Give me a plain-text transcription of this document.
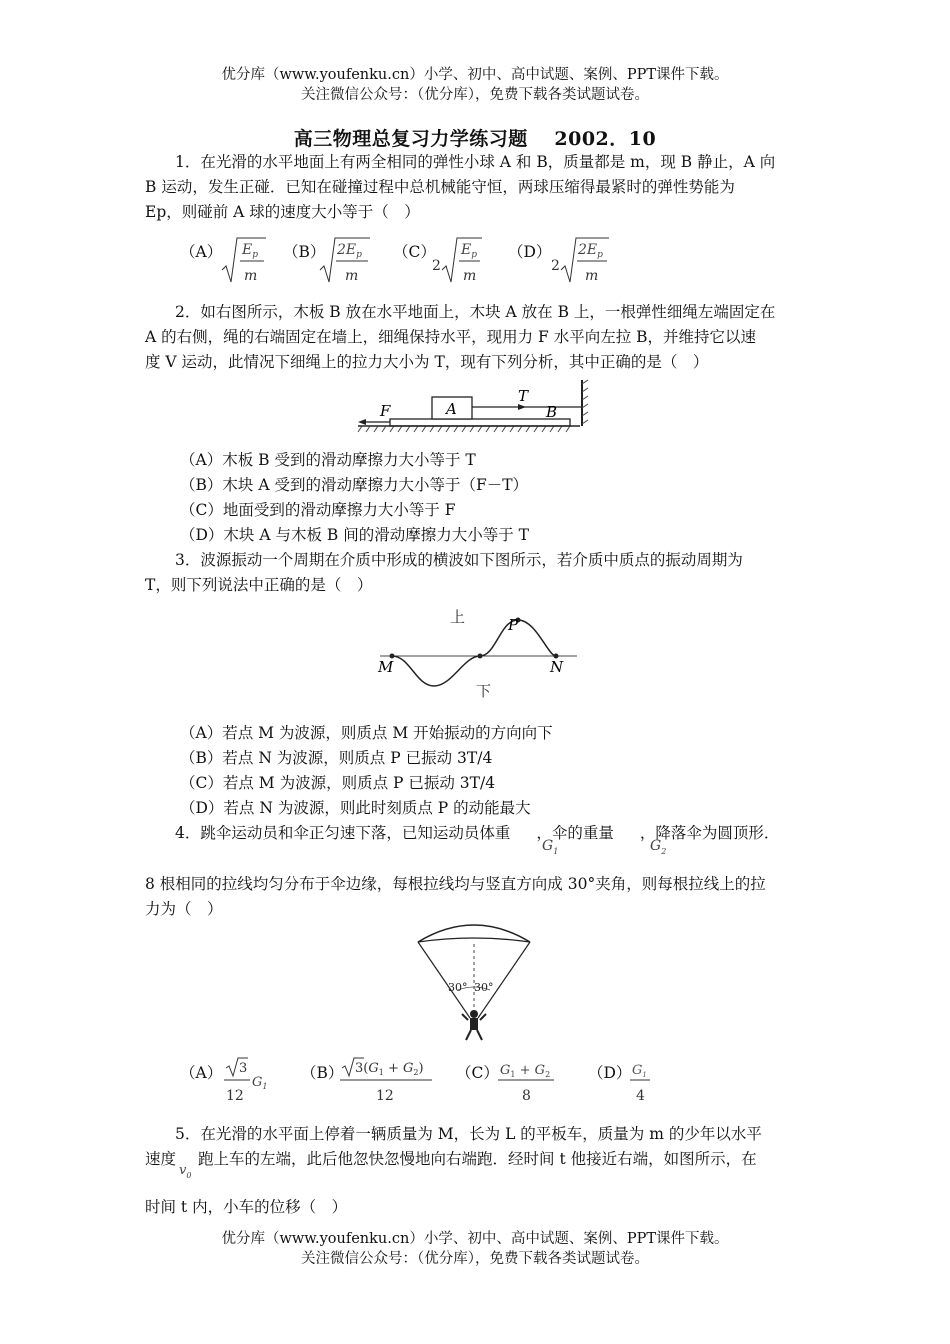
优分库（www.youfenku.cn）小学、初中、高中试题、案例、PPT课件下载。
关注微信公众号：（优分库），免费下载各类试题试卷。
高三物理总复习力学练习题　 2002．10
1．在光滑的水平地面上有两全相同的弹性小球 A 和 B，质量都是 m，现 B 静止，A 向
B 运动，发生正碰．已知在碰撞过程中总机械能守恒，两球压缩得最紧时的弹性势能为
Ep，则碰前 A 球的速度大小等于（　）
（A） $E_p$
m
（B） $2E_p$
m
（C）
2
$E_p$
m
（D）
2
$2E_p$
m
2．如右图所示，木板 B 放在水平地面上，木块 A 放在 B 上，一根弹性细绳左端固定在
A 的右侧，绳的右端固定在墙上，细绳保持水平，现用力 F 水平向左拉 B，并维持它以速
度 V 运动，此情况下细绳上的拉力大小为 T，现有下列分析，其中正确的是（　）
F	A
T
B
（A）木板 B 受到的滑动摩擦力大小等于 T
（B）木块 A 受到的滑动摩擦力大小等于（F－T）
（C）地面受到的滑动摩擦力大小等于 F
（D）木块 A 与木板 B 间的滑动摩擦力大小等于 T
3．波源振动一个周期在介质中形成的横波如下图所示，若介质中质点的振动周期为
T，则下列说法中正确的是（　）
上
下
M	N
P
（A）若点 M 为波源，则质点 M 开始振动的方向向下
（B）若点 N 为波源，则质点 P 已振动 3T/4
（C）若点 M 为波源，则质点 P 已振动 3T/4
（D）若点 N 为波源，则此时刻质点 P 的动能最大
4．跳伞运动员和伞正匀速下落，已知运动员体重 ，伞的重量 ，降落伞为圆顶形．
$G_1$	$G_2$
8 根相同的拉线均匀分布于伞边缘，每根拉线均与竖直方向成 30°夹角，则每根拉线上的拉
力为（　）
30° 30°
（A） 3
12
$G_1$
（B） $3(G_1 + G_2)$
12
（C） $G_1 + G_2$
8
（D） $G_1$
4
5．在光滑的水平面上停着一辆质量为 M，长为 L 的平板车，质量为 m 的少年以水平
速度 跑上车的左端，此后他忽快忽慢地向右端跑．经时间 t 他接近右端，如图所示，在
$v_0$
时间 t 内，小车的位移（　）
优分库（www.youfenku.cn）小学、初中、高中试题、案例、PPT课件下载。
关注微信公众号：（优分库），免费下载各类试题试卷。
